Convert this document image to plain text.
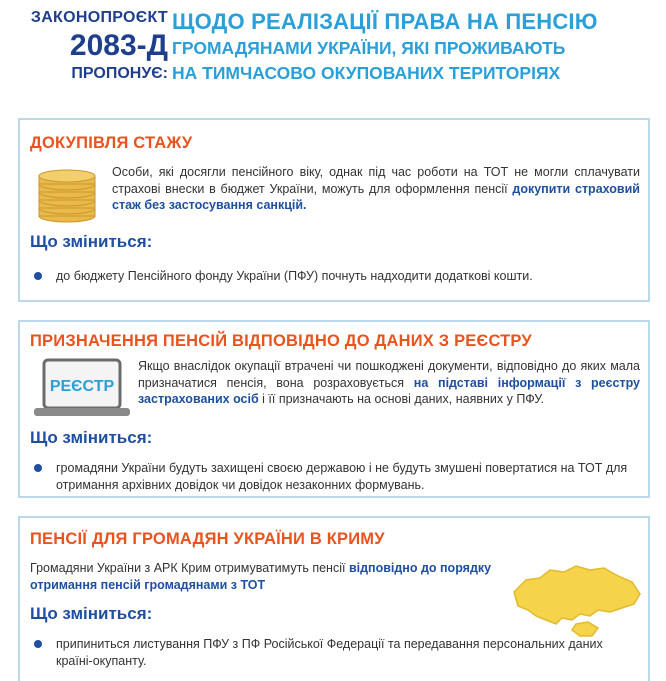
ЗАКОНОПРОЄКТ
2083-Д
ПРОПОНУЄ:
ЩОДО РЕАЛІЗАЦІЇ ПРАВА НА ПЕНСІЮ
ГРОМАДЯНАМИ УКРАЇНИ, ЯКІ ПРОЖИВАЮТЬ
НА ТИМЧАСОВО ОКУПОВАНИХ ТЕРИТОРІЯХ
ДОКУПІВЛЯ СТАЖУ
Особи, які досягли пенсійного віку, однак під час роботи на ТОТ не могли сплачувати страхові внески в бюджет України, можуть для оформлення пенсії докупити страховий стаж без застосування санкцій.
Що зміниться:
до бюджету Пенсійного фонду України (ПФУ) почнуть надходити додаткові кошти.
ПРИЗНАЧЕННЯ ПЕНСІЙ ВІДПОВІДНО ДО ДАНИХ З РЕЄСТРУ
РЕЄСТР
Якщо внаслідок окупації втрачені чи пошкоджені документи, відповідно до яких мала призначатися пенсія, вона розраховується на підставі інформації з реєстру застрахованих осіб і її призначають на основі даних, наявних у ПФУ.
Що зміниться:
громадяни України будуть захищені своєю державою і не будуть змушені повертатися на ТОТ для отримання архівних довідок чи довідок незаконних формувань.
ПЕНСІЇ ДЛЯ ГРОМАДЯН УКРАЇНИ В КРИМУ
Громадяни України з АРК Крим отримуватимуть пенсії відповідно до порядку отримання пенсій громадянами з ТОТ
Що зміниться:
припиниться листування ПФУ з ПФ Російської Федерації та передавання персональних даних країні-окупанту.
